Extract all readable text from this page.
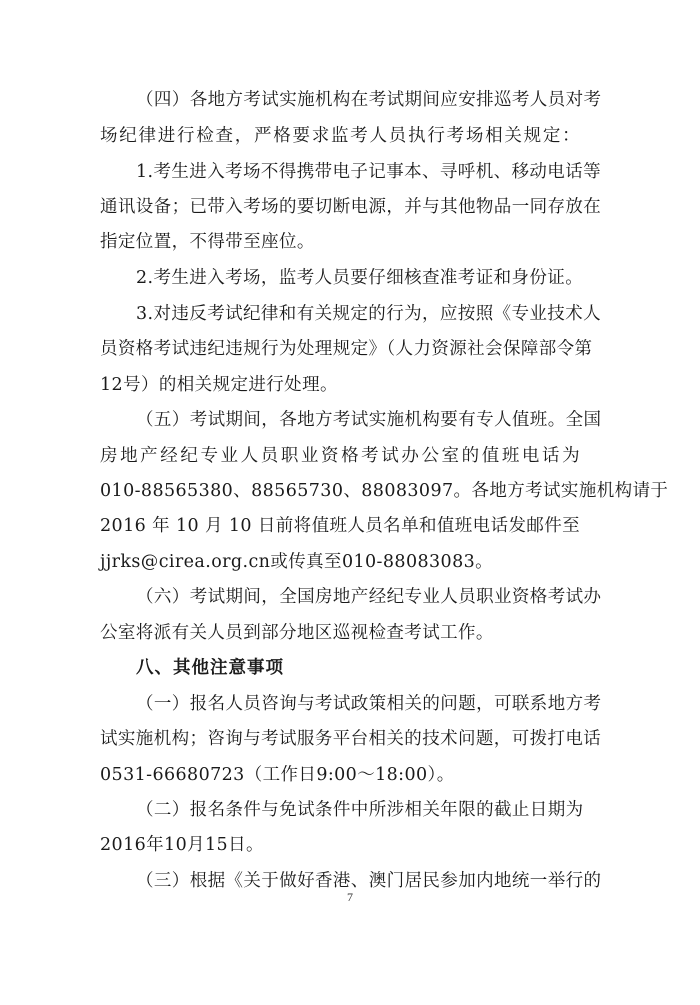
（四）各地方考试实施机构在考试期间应安排巡考人员对考
场纪律进行检查，严格要求监考人员执行考场相关规定：
1.考生进入考场不得携带电子记事本、寻呼机、移动电话等
通讯设备；已带入考场的要切断电源，并与其他物品一同存放在
指定位置，不得带至座位。
2.考生进入考场，监考人员要仔细核查准考证和身份证。
3.对违反考试纪律和有关规定的行为，应按照《专业技术人
员资格考试违纪违规行为处理规定》（人力资源社会保障部令第
12号）的相关规定进行处理。
（五）考试期间，各地方考试实施机构要有专人值班。全国
房地产经纪专业人员职业资格考试办公室的值班电话为
010-88565380、88565730、88083097。各地方考试实施机构请于
2016 年 10 月 10 日前将值班人员名单和值班电话发邮件至
jjrks@cirea.org.cn或传真至010-88083083。
（六）考试期间，全国房地产经纪专业人员职业资格考试办
公室将派有关人员到部分地区巡视检查考试工作。
八、其他注意事项
（一）报名人员咨询与考试政策相关的问题，可联系地方考
试实施机构；咨询与考试服务平台相关的技术问题，可拨打电话
0531-66680723（工作日9:00～18:00）。
（二）报名条件与免试条件中所涉相关年限的截止日期为
2016年10月15日。
（三）根据《关于做好香港、澳门居民参加内地统一举行的
7
